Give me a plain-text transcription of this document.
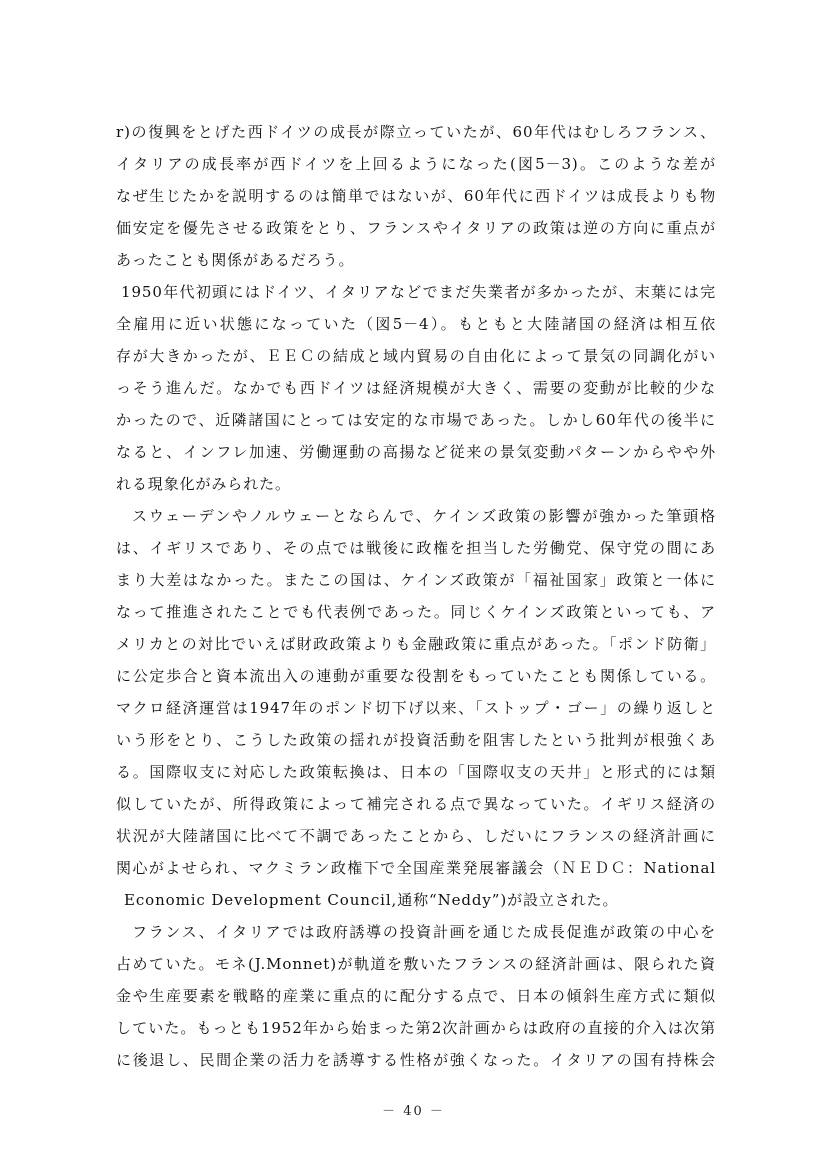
r)の復興をとげた西ドイツの成長が際立っていたが、60年代はむしろフランス、
イタリアの成長率が西ドイツを上回るようになった(図5－3)。このような差が
なぜ生じたかを説明するのは簡単ではないが、60年代に西ドイツは成長よりも物
価安定を優先させる政策をとり、フランスやイタリアの政策は逆の方向に重点が
あったことも関係があるだろう。
1950年代初頭にはドイツ、イタリアなどでまだ失業者が多かったが、末葉には完
全雇用に近い状態になっていた（図5－4）。もともと大陸諸国の経済は相互依
存が大きかったが、ＥＥＣの結成と域内貿易の自由化によって景気の同調化がい
っそう進んだ。なかでも西ドイツは経済規模が大きく、需要の変動が比較的少な
かったので、近隣諸国にとっては安定的な市場であった。しかし60年代の後半に
なると、インフレ加速、労働運動の高揚など従来の景気変動パターンからやや外
れる現象化がみられた。
スウェーデンやノルウェーとならんで、ケインズ政策の影響が強かった筆頭格
は、イギリスであり、その点では戦後に政権を担当した労働党、保守党の間にあ
まり大差はなかった。またこの国は、ケインズ政策が「福祉国家」政策と一体に
なって推進されたことでも代表例であった。同じくケインズ政策といっても、ア
メリカとの対比でいえば財政政策よりも金融政策に重点があった。「ポンド防衛」
に公定歩合と資本流出入の連動が重要な役割をもっていたことも関係している。
マクロ経済運営は1947年のポンド切下げ以来、「ストップ・ゴー」の繰り返しと
いう形をとり、こうした政策の揺れが投資活動を阻害したという批判が根強くあ
る。国際収支に対応した政策転換は、日本の「国際収支の天井」と形式的には類
似していたが、所得政策によって補完される点で異なっていた。イギリス経済の
状況が大陸諸国に比べて不調であったことから、しだいにフランスの経済計画に
関心がよせられ、マクミラン政権下で全国産業発展審議会（ＮＥＤＣ：National
Economic Development Council,通称“Neddy”)が設立された。
フランス、イタリアでは政府誘導の投資計画を通じた成長促進が政策の中心を
占めていた。モネ(J.Monnet)が軌道を敷いたフランスの経済計画は、限られた資
金や生産要素を戦略的産業に重点的に配分する点で、日本の傾斜生産方式に類似
していた。もっとも1952年から始まった第2次計画からは政府の直接的介入は次第
に後退し、民間企業の活力を誘導する性格が強くなった。イタリアの国有持株会
－ 40 －
